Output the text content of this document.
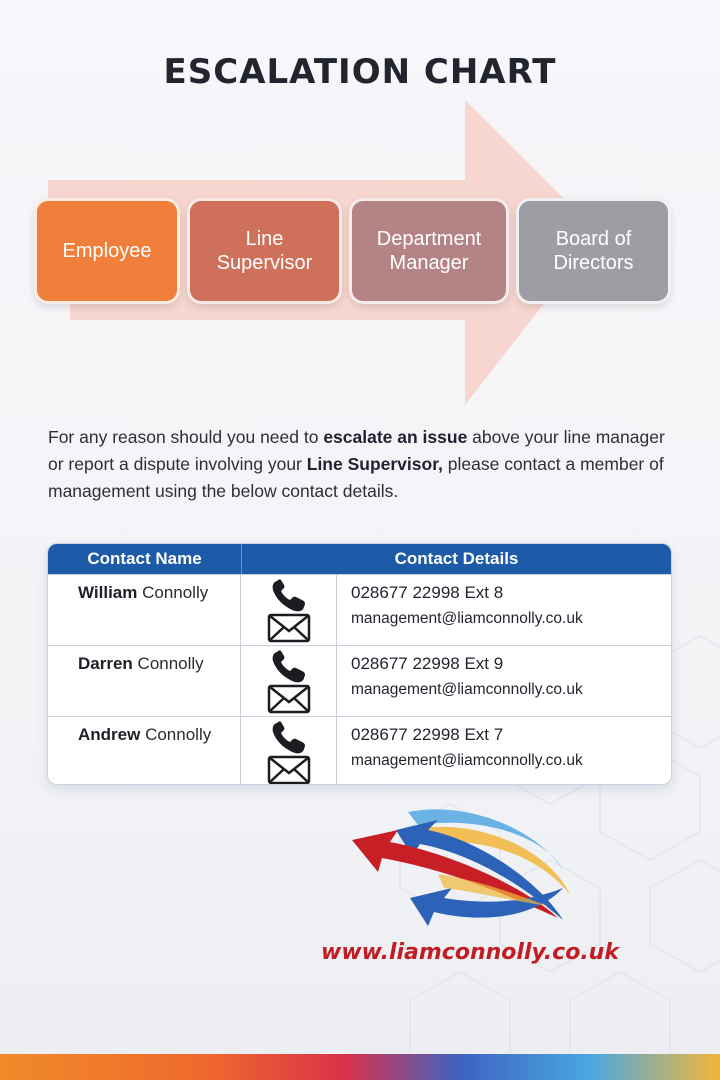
ESCALATION CHART
Employee
Line
Supervisor
Department
Manager
Board of
Directors

For any reason should you need to escalate an issue above your line manager or report a dispute involving your Line Supervisor, please contact a member of management using the below contact details.

Contact Name	Contact Details
William Connolly	028677 22998 Ext 8
management@liamconnolly.co.uk
Darren Connolly	028677 22998 Ext 9
management@liamconnolly.co.uk
Andrew Connolly	028677 22998 Ext 7
management@liamconnolly.co.uk

www.liamconnolly.co.uk
